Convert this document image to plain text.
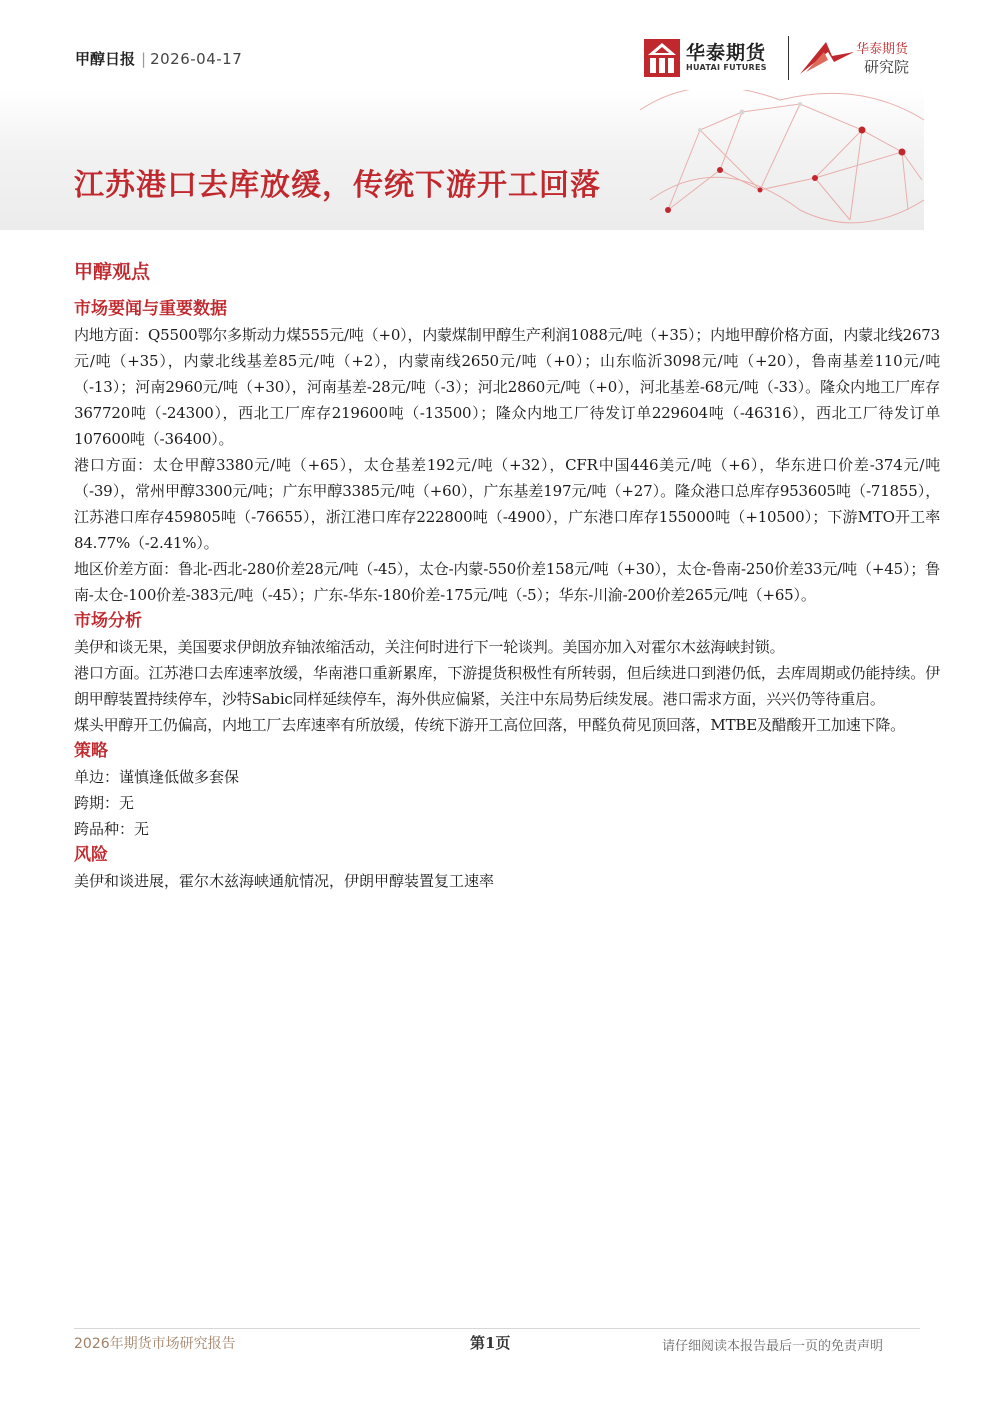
甲醇日报 | 2026-04-17	华泰期货
HUATAI FUTURES
华泰期货
研究院
江苏港口去库放缓，传统下游开工回落
甲醇观点
市场要闻与重要数据

内地方面：Q5500鄂尔多斯动力煤555元/吨（+0），内蒙煤制甲醇生产利润1088元/吨（+35）；内地甲醇价格方面，内蒙北线2673元/吨（+35），内蒙北线基差85元/吨（+2），内蒙南线2650元/吨（+0）；山东临沂3098元/吨（+20），鲁南基差110元/吨（-13）；河南2960元/吨（+30），河南基差-28元/吨（-3）；河北2860元/吨（+0），河北基差-68元/吨（-33）。隆众内地工厂库存367720吨（-24300），西北工厂库存219600吨（-13500）；隆众内地工厂待发订单229604吨（-46316），西北工厂待发订单107600吨（-36400）。

港口方面：太仓甲醇3380元/吨（+65），太仓基差192元/吨（+32），CFR中国446美元/吨（+6），华东进口价差-374元/吨（-39），常州甲醇3300元/吨；广东甲醇3385元/吨（+60），广东基差197元/吨（+27）。隆众港口总库存953605吨（-71855），江苏港口库存459805吨（-76655），浙江港口库存222800吨（-4900），广东港口库存155000吨（+10500）；下游MTO开工率84.77%（-2.41%）。

地区价差方面：鲁北-西北-280价差28元/吨（-45），太仓-内蒙-550价差158元/吨（+30），太仓-鲁南-250价差33元/吨（+45）；鲁南-太仓-100价差-383元/吨（-45）；广东-华东-180价差-175元/吨（-5）；华东-川渝-200价差265元/吨（+65）。

市场分析

美伊和谈无果，美国要求伊朗放弃铀浓缩活动，关注何时进行下一轮谈判。美国亦加入对霍尔木兹海峡封锁。

港口方面。江苏港口去库速率放缓，华南港口重新累库，下游提货积极性有所转弱，但后续进口到港仍低，去库周期或仍能持续。伊朗甲醇装置持续停车，沙特Sabic同样延续停车，海外供应偏紧，关注中东局势后续发展。港口需求方面，兴兴仍等待重启。

煤头甲醇开工仍偏高，内地工厂去库速率有所放缓，传统下游开工高位回落，甲醛负荷见顶回落，MTBE及醋酸开工加速下降。

策略

单边：谨慎逢低做多套保

跨期：无

跨品种：无

风险

美伊和谈进展，霍尔木兹海峡通航情况，伊朗甲醇装置复工速率

2026年期货市场研究报告	第1页	请仔细阅读本报告最后一页的免责声明
